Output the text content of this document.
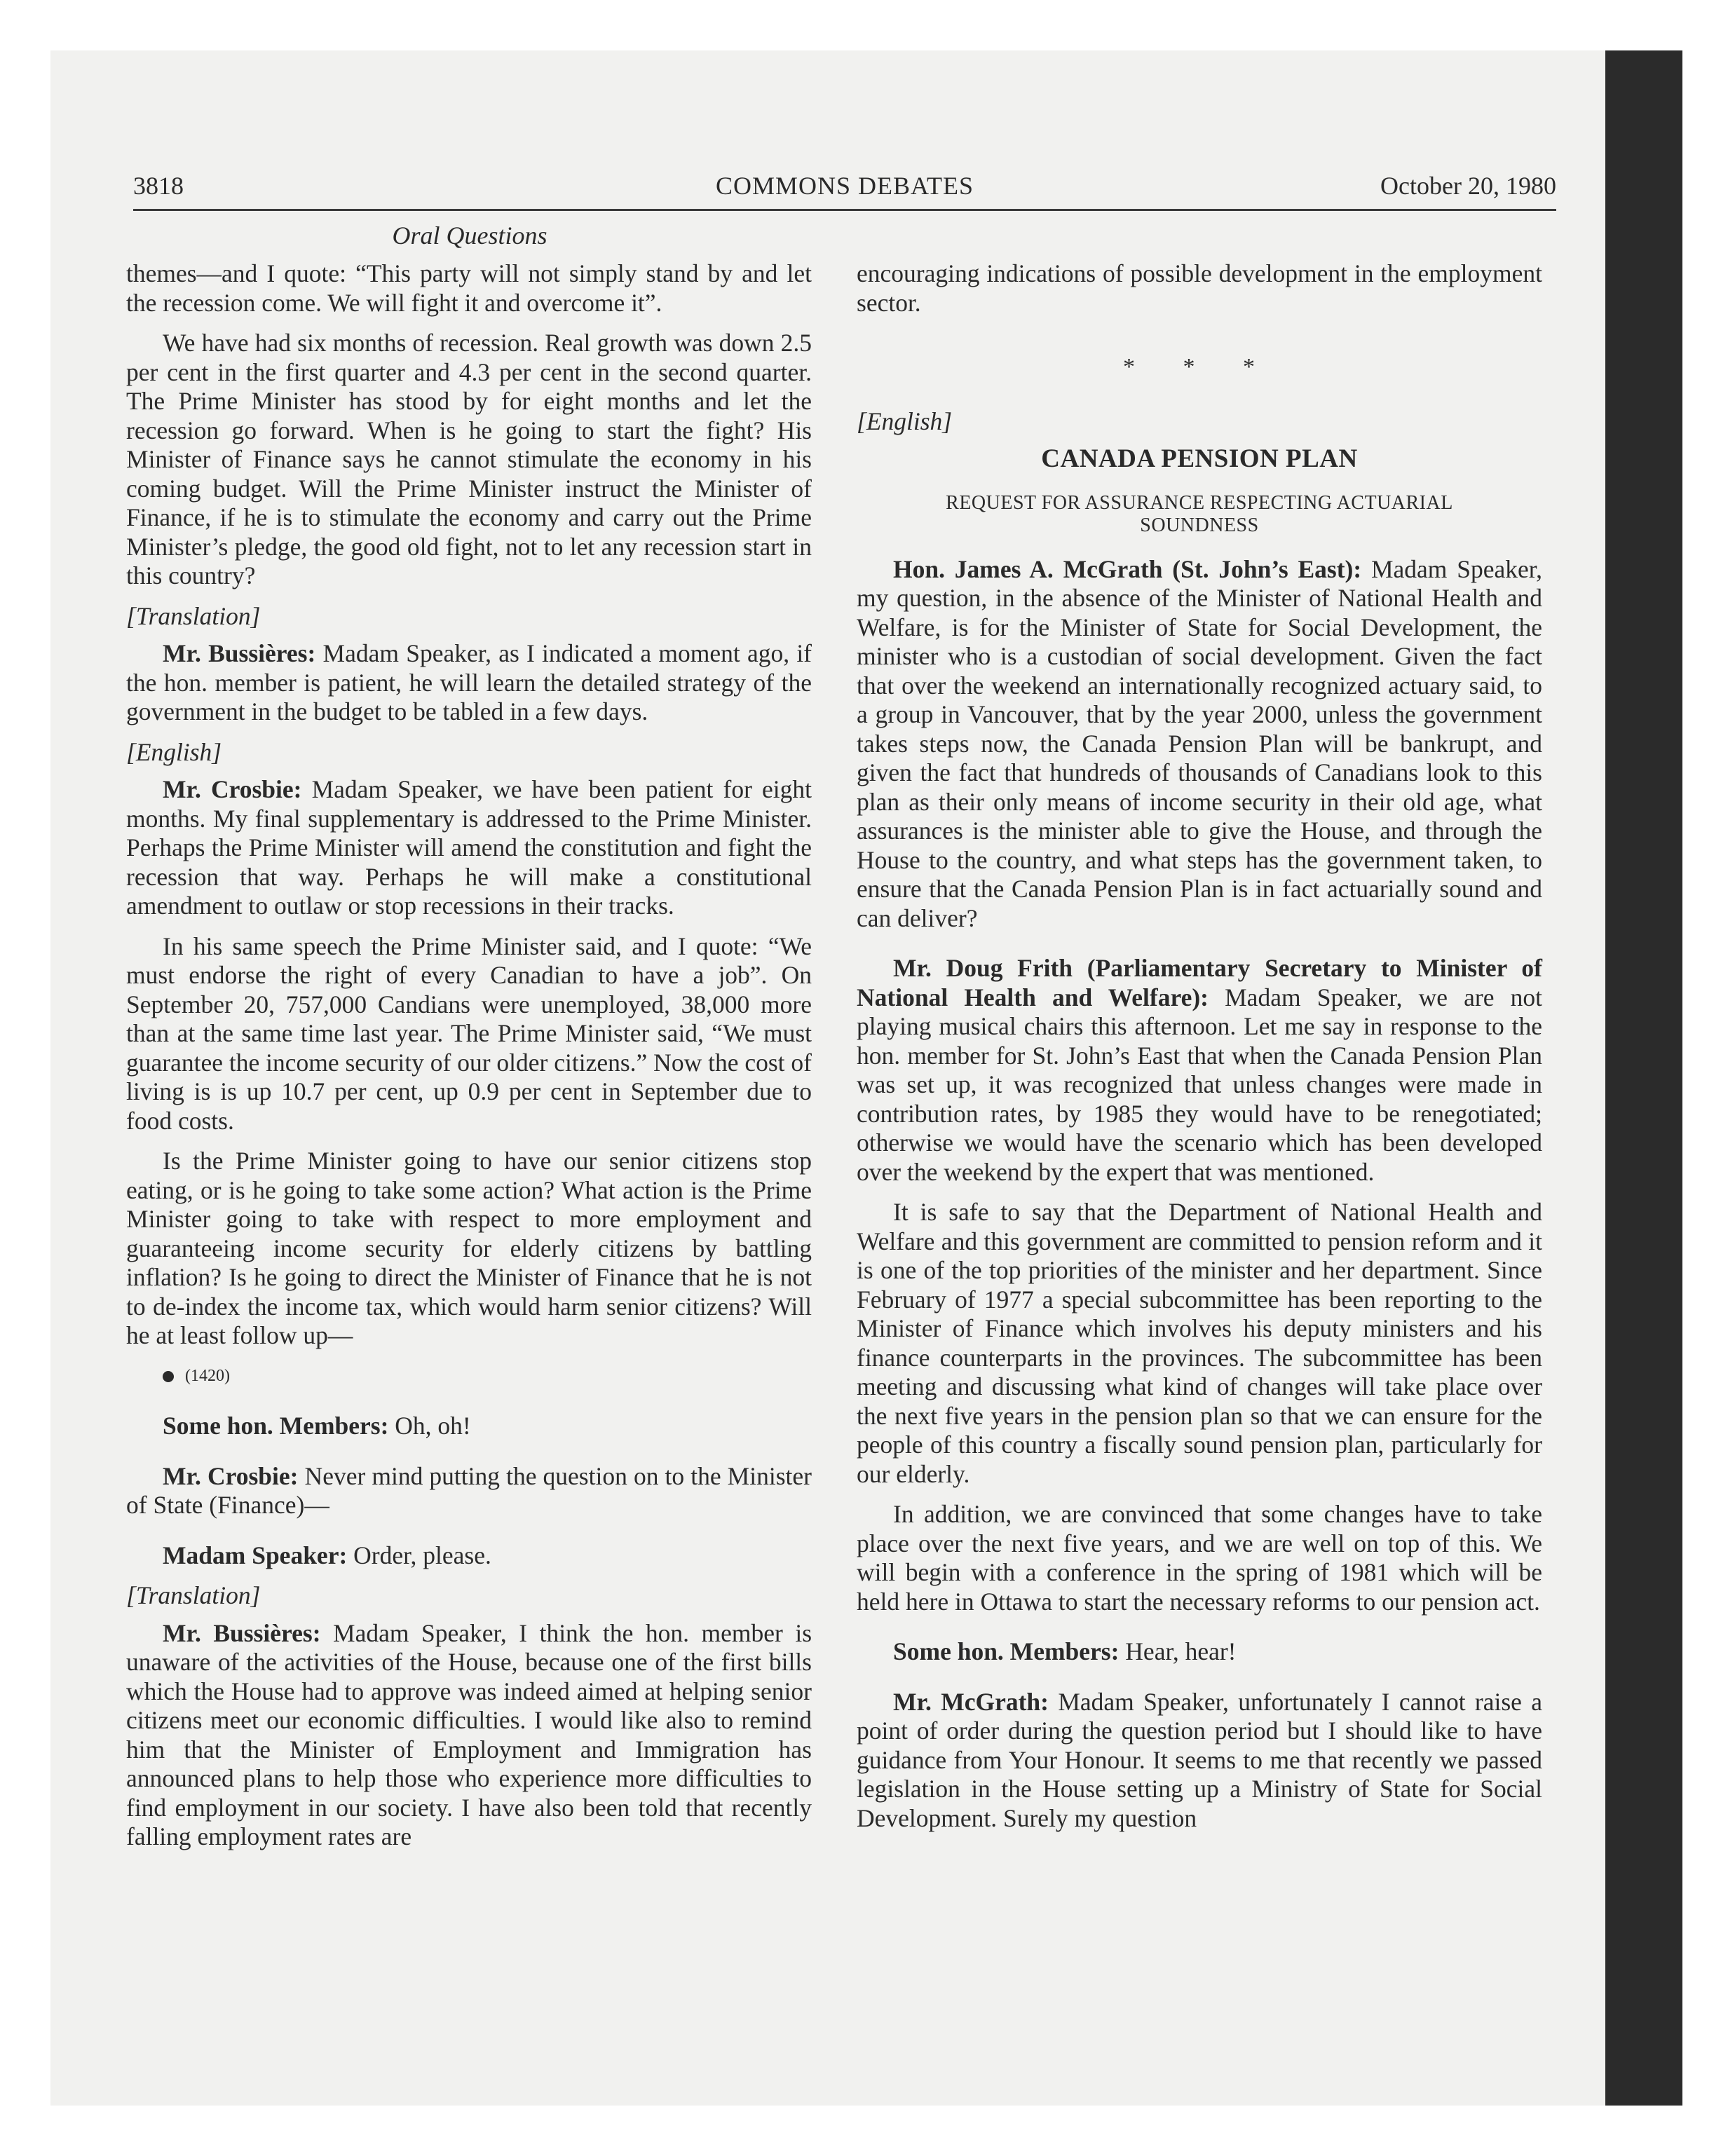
3818	COMMONS DEBATES	October 20, 1980
Oral Questions

themes—and I quote: “This party will not simply stand by and let the recession come. We will fight it and overcome it”.

We have had six months of recession. Real growth was down 2.5 per cent in the first quarter and 4.3 per cent in the second quarter. The Prime Minister has stood by for eight months and let the recession go forward. When is he going to start the fight? His Minister of Finance says he cannot stimulate the economy in his coming budget. Will the Prime Minister instruct the Minister of Finance, if he is to stimulate the economy and carry out the Prime Minister’s pledge, the good old fight, not to let any recession start in this country?

[Translation]

Mr. Bussières: Madam Speaker, as I indicated a moment ago, if the hon. member is patient, he will learn the detailed strategy of the government in the budget to be tabled in a few days.

[English]

Mr. Crosbie: Madam Speaker, we have been patient for eight months. My final supplementary is addressed to the Prime Minister. Perhaps the Prime Minister will amend the constitution and fight the recession that way. Perhaps he will make a constitutional amendment to outlaw or stop recessions in their tracks.

In his same speech the Prime Minister said, and I quote: “We must endorse the right of every Canadian to have a job”. On September 20, 757,000 Candians were unemployed, 38,000 more than at the same time last year. The Prime Minister said, “We must guarantee the income security of our older citizens.” Now the cost of living is is up 10.7 per cent, up 0.9 per cent in September due to food costs.

Is the Prime Minister going to have our senior citizens stop eating, or is he going to take some action? What action is the Prime Minister going to take with respect to more employment and guaranteeing income security for elderly citizens by battling inflation? Is he going to direct the Minister of Finance that he is not to de-index the income tax, which would harm senior citizens? Will he at least follow up—

(1420)

Some hon. Members: Oh, oh!

Mr. Crosbie: Never mind putting the question on to the Minister of State (Finance)—

Madam Speaker: Order, please.

[Translation]

Mr. Bussières: Madam Speaker, I think the hon. member is unaware of the activities of the House, because one of the first bills which the House had to approve was indeed aimed at helping senior citizens meet our economic difficulties. I would like also to remind him that the Minister of Employment and Immigration has announced plans to help those who experience more difficulties to find employment in our society. I have also been told that recently falling employment rates are

encouraging indications of possible development in the employment sector.

* * *

[English]

CANADA PENSION PLAN
REQUEST FOR ASSURANCE RESPECTING ACTUARIAL SOUNDNESS

Hon. James A. McGrath (St. John’s East): Madam Speaker, my question, in the absence of the Minister of National Health and Welfare, is for the Minister of State for Social Development, the minister who is a custodian of social development. Given the fact that over the weekend an internationally recognized actuary said, to a group in Vancouver, that by the year 2000, unless the government takes steps now, the Canada Pension Plan will be bankrupt, and given the fact that hundreds of thousands of Canadians look to this plan as their only means of income security in their old age, what assurances is the minister able to give the House, and through the House to the country, and what steps has the government taken, to ensure that the Canada Pension Plan is in fact actuarially sound and can deliver?

Mr. Doug Frith (Parliamentary Secretary to Minister of National Health and Welfare): Madam Speaker, we are not playing musical chairs this afternoon. Let me say in response to the hon. member for St. John’s East that when the Canada Pension Plan was set up, it was recognized that unless changes were made in contribution rates, by 1985 they would have to be renegotiated; otherwise we would have the scenario which has been developed over the weekend by the expert that was mentioned.

It is safe to say that the Department of National Health and Welfare and this government are committed to pension reform and it is one of the top priorities of the minister and her department. Since February of 1977 a special subcommittee has been reporting to the Minister of Finance which involves his deputy ministers and his finance counterparts in the provinces. The subcommittee has been meeting and discussing what kind of changes will take place over the next five years in the pension plan so that we can ensure for the people of this country a fiscally sound pension plan, particularly for our elderly.

In addition, we are convinced that some changes have to take place over the next five years, and we are well on top of this. We will begin with a conference in the spring of 1981 which will be held here in Ottawa to start the necessary reforms to our pension act.

Some hon. Members: Hear, hear!

Mr. McGrath: Madam Speaker, unfortunately I cannot raise a point of order during the question period but I should like to have guidance from Your Honour. It seems to me that recently we passed legislation in the House setting up a Ministry of State for Social Development. Surely my question
